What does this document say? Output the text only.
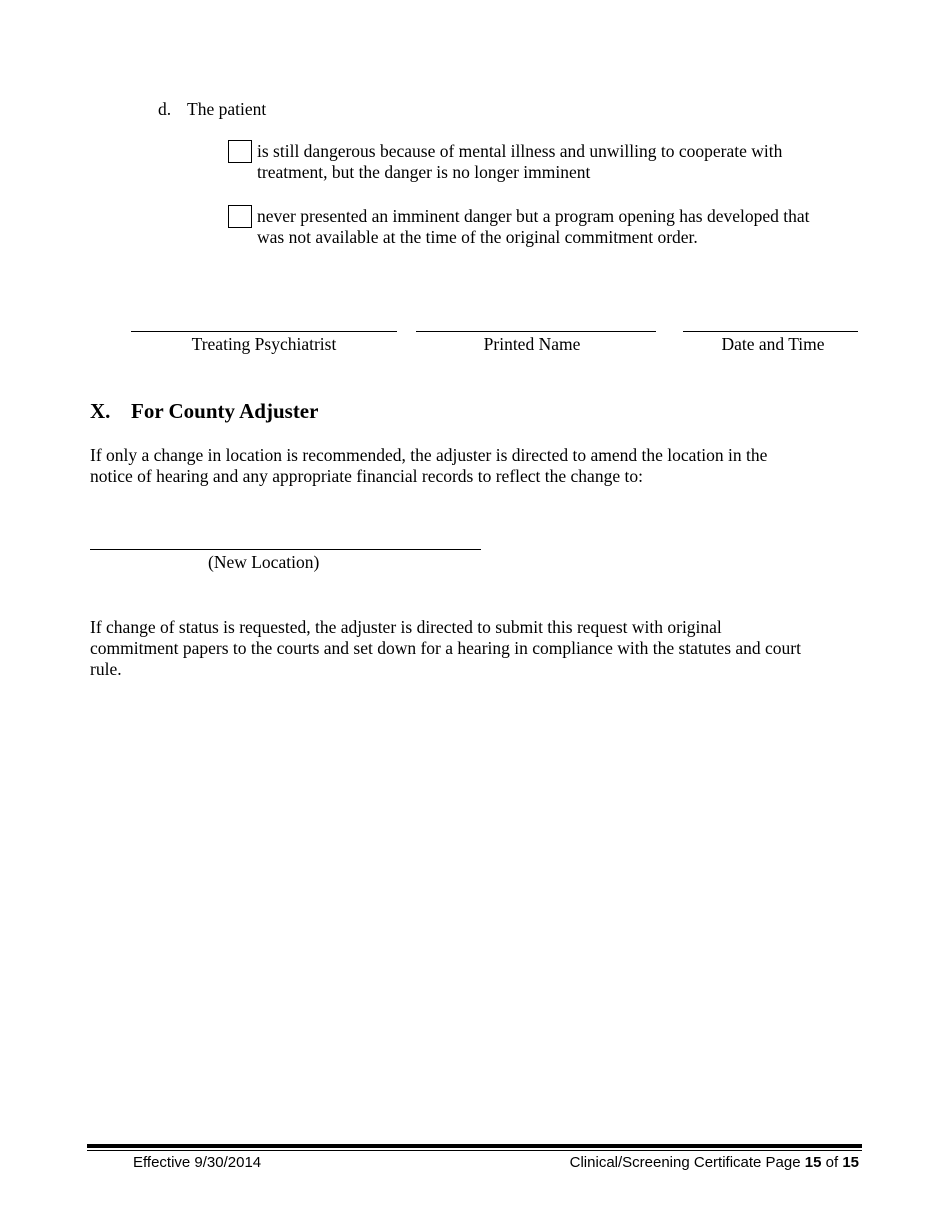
d. The patient
is still dangerous because of mental illness and unwilling to cooperate with
treatment, but the danger is no longer imminent
never presented an imminent danger but a program opening has developed that
was not available at the time of the original commitment order.
Treating Psychiatrist	Printed Name	Date and Time
X. For County Adjuster
If only a change in location is recommended, the adjuster is directed to amend the location in the
notice of hearing and any appropriate financial records to reflect the change to:
(New Location)
If change of status is requested, the adjuster is directed to submit this request with original
commitment papers to the courts and set down for a hearing in compliance with the statutes and court
rule.
Effective 9/30/2014	Clinical/Screening Certificate Page 15 of 15
